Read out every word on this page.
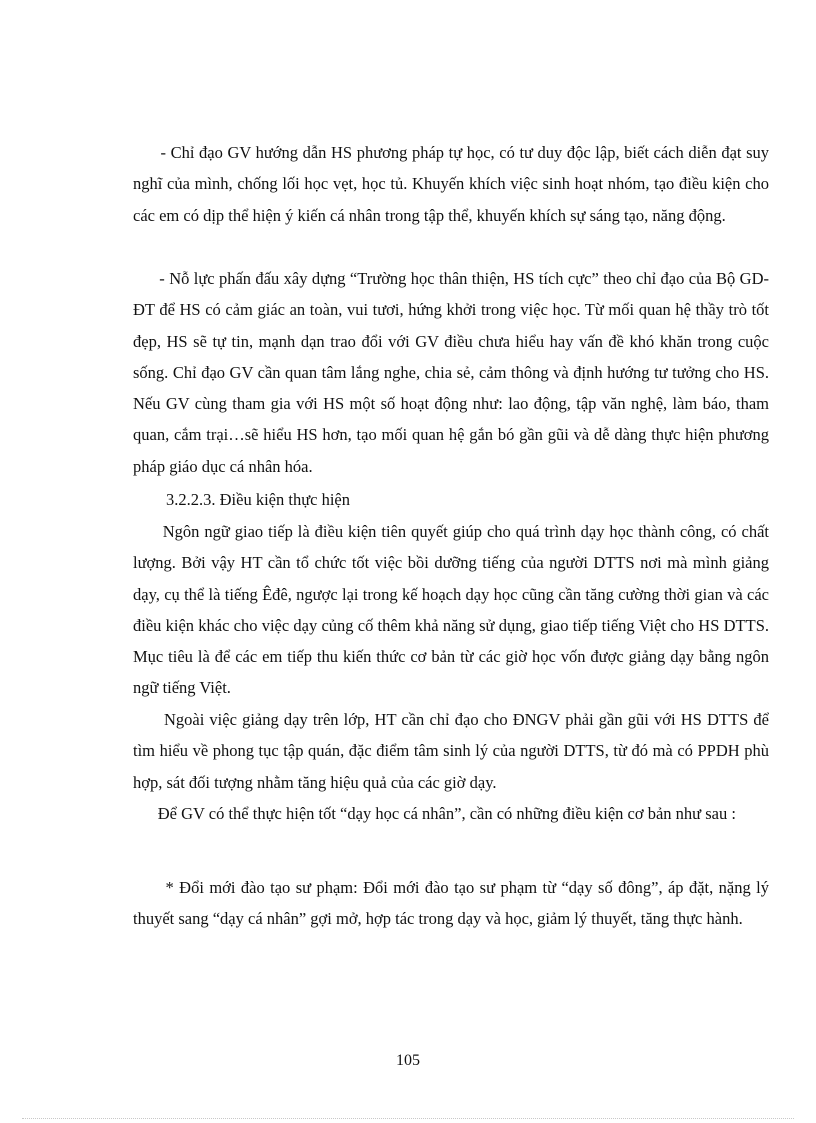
- Chỉ đạo GV hướng dẫn HS phương pháp tự học, có tư duy độc lập, biết cách diễn đạt suy nghĩ của mình, chống lối học vẹt, học tủ. Khuyến khích việc sinh hoạt nhóm, tạo điều kiện cho các em có dịp thể hiện ý kiến cá nhân trong tập thể, khuyến khích sự sáng tạo, năng động.

- Nỗ lực phấn đấu xây dựng “Trường học thân thiện, HS tích cực” theo chỉ đạo của Bộ GD- ĐT để HS có cảm giác an toàn, vui tươi, hứng khởi trong việc học. Từ mối quan hệ thầy trò tốt đẹp, HS sẽ tự tin, mạnh dạn trao đổi với GV điều chưa hiểu hay vấn đề khó khăn trong cuộc sống. Chỉ đạo GV cần quan tâm lắng nghe, chia sẻ, cảm thông và định hướng tư tưởng cho HS. Nếu GV cùng tham gia với HS một số hoạt động như: lao động, tập văn nghệ, làm báo, tham quan, cắm trại…sẽ hiểu HS hơn, tạo mối quan hệ gắn bó gần gũi và dễ dàng thực hiện phương pháp giáo dục cá nhân hóa.

3.2.2.3. Điều kiện thực hiện

Ngôn ngữ giao tiếp là điều kiện tiên quyết giúp cho quá trình dạy học thành công, có chất lượng. Bởi vậy HT cần tổ chức tốt việc bồi dưỡng tiếng của người DTTS nơi mà mình giảng dạy, cụ thể là tiếng Êđê, ngược lại trong kế hoạch dạy học cũng cần tăng cường thời gian và các điều kiện khác cho việc dạy củng cố thêm khả năng sử dụng, giao tiếp tiếng Việt cho HS DTTS. Mục tiêu là để các em tiếp thu kiến thức cơ bản từ các giờ học vốn được giảng dạy bằng ngôn ngữ tiếng Việt.

Ngoài việc giảng dạy trên lớp, HT cần chỉ đạo cho ĐNGV phải gần gũi với HS DTTS để tìm hiểu về phong tục tập quán, đặc điểm tâm sinh lý của người DTTS, từ đó mà có PPDH phù hợp, sát đối tượng nhằm tăng hiệu quả của các giờ dạy.

Để GV có thể thực hiện tốt “dạy học cá nhân”, cần có những điều kiện cơ bản như sau :

* Đổi mới đào tạo sư phạm: Đổi mới đào tạo sư phạm từ “dạy số đông”, áp đặt, nặng lý thuyết sang “dạy cá nhân” gợi mở, hợp tác trong dạy và học, giảm lý thuyết, tăng thực hành.

105
